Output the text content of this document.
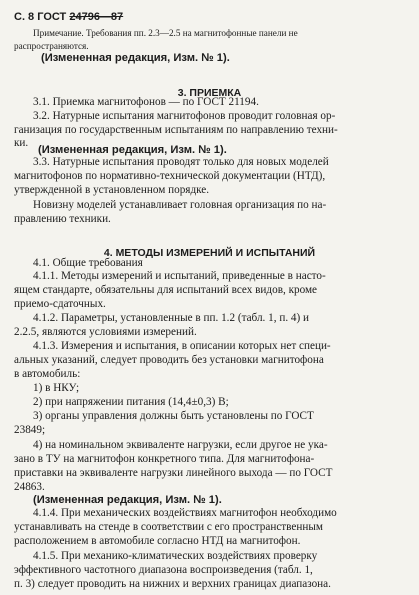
С. 8 ГОСТ 24796—87
3. ПРИЕМКА
4. МЕТОДЫ ИЗМЕРЕНИЙ И ИСПЫТАНИЙ
Примечание. Требования пп. 2.3—2.5 на магнитофонные панели не
распространяются.
(Измененная редакция, Изм. № 1).
3.1. Приемка магнитофонов — по ГОСТ 21194.
3.2. Натурные испытания магнитофонов проводит головная ор-
ганизация по государственным испытаниям по направлению техни-
ки.
(Измененная редакция, Изм. № 1).
3.3. Натурные испытания проводят только для новых моделей
магнитофонов по нормативно-технической документации (НТД),
утвержденной в установленном порядке.
Новизну моделей устанавливает головная организация по на-
правлению техники.
4.1. Общие требования
4.1.1. Методы измерений и испытаний, приведенные в насто-
ящем стандарте, обязательны для испытаний всех видов, кроме
приемо-сдаточных.
4.1.2. Параметры, установленные в пп. 1.2 (табл. 1, п. 4) и
2.2.5, являются условиями измерений.
4.1.3. Измерения и испытания, в описании которых нет специ-
альных указаний, следует проводить без установки магнитофона
в автомобиль:
1) в НКУ;
2) при напряжении питания (14,4±0,3) В;
3) органы управления должны быть установлены по ГОСТ
23849;
4) на номинальном эквиваленте нагрузки, если другое не ука-
зано в ТУ на магнитофон конкретного типа. Для магнитофона-
приставки на эквиваленте нагрузки линейного выхода — по ГОСТ
24863.
(Измененная редакция, Изм. № 1).
4.1.4. При механических воздействиях магнитофон необходимо
устанавливать на стенде в соответствии с его пространственным
расположением в автомобиле согласно НТД на магнитофон.
4.1.5. При механико-климатических воздействиях проверку
эффективного частотного диапазона воспроизведения (табл. 1,
п. 3) следует проводить на нижних и верхних границах диапазона.
